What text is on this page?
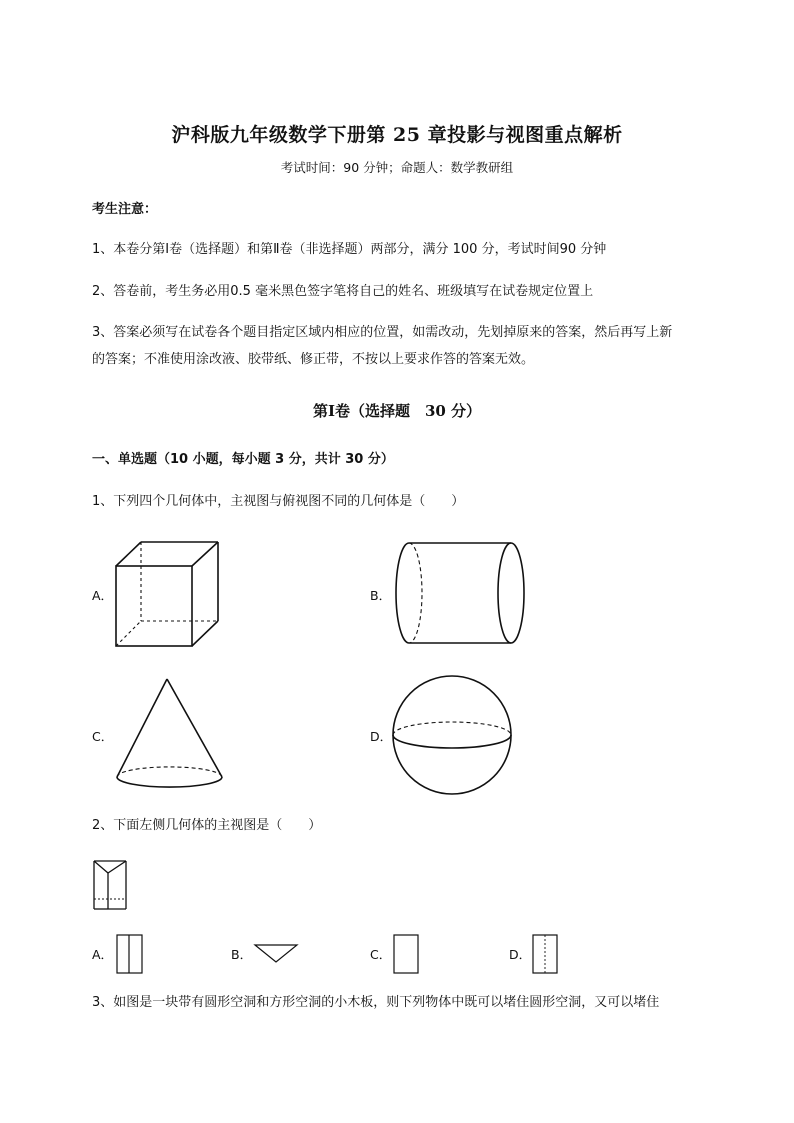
沪科版九年级数学下册第 25 章投影与视图重点解析
考试时间：90 分钟；命题人：数学教研组
考生注意：
1、本卷分第Ⅰ卷（选择题）和第Ⅱ卷（非选择题）两部分，满分 100 分，考试时间90 分钟
2、答卷前，考生务必用0.5 毫米黑色签字笔将自己的姓名、班级填写在试卷规定位置上
3、答案必须写在试卷各个题目指定区域内相应的位置，如需改动，先划掉原来的答案，然后再写上新
的答案；不准使用涂改液、胶带纸、修正带，不按以上要求作答的答案无效。
第Ⅰ卷（选择题　30 分）
一、单选题（10 小题，每小题 3 分，共计 30 分）
1、下列四个几何体中，主视图与俯视图不同的几何体是（　　）
A．	B．
C．	D．
2、下面左侧几何体的主视图是（　　）
A．	B．	C．	D．
3、如图是一块带有圆形空洞和方形空洞的小木板，则下列物体中既可以堵住圆形空洞，又可以堵住
